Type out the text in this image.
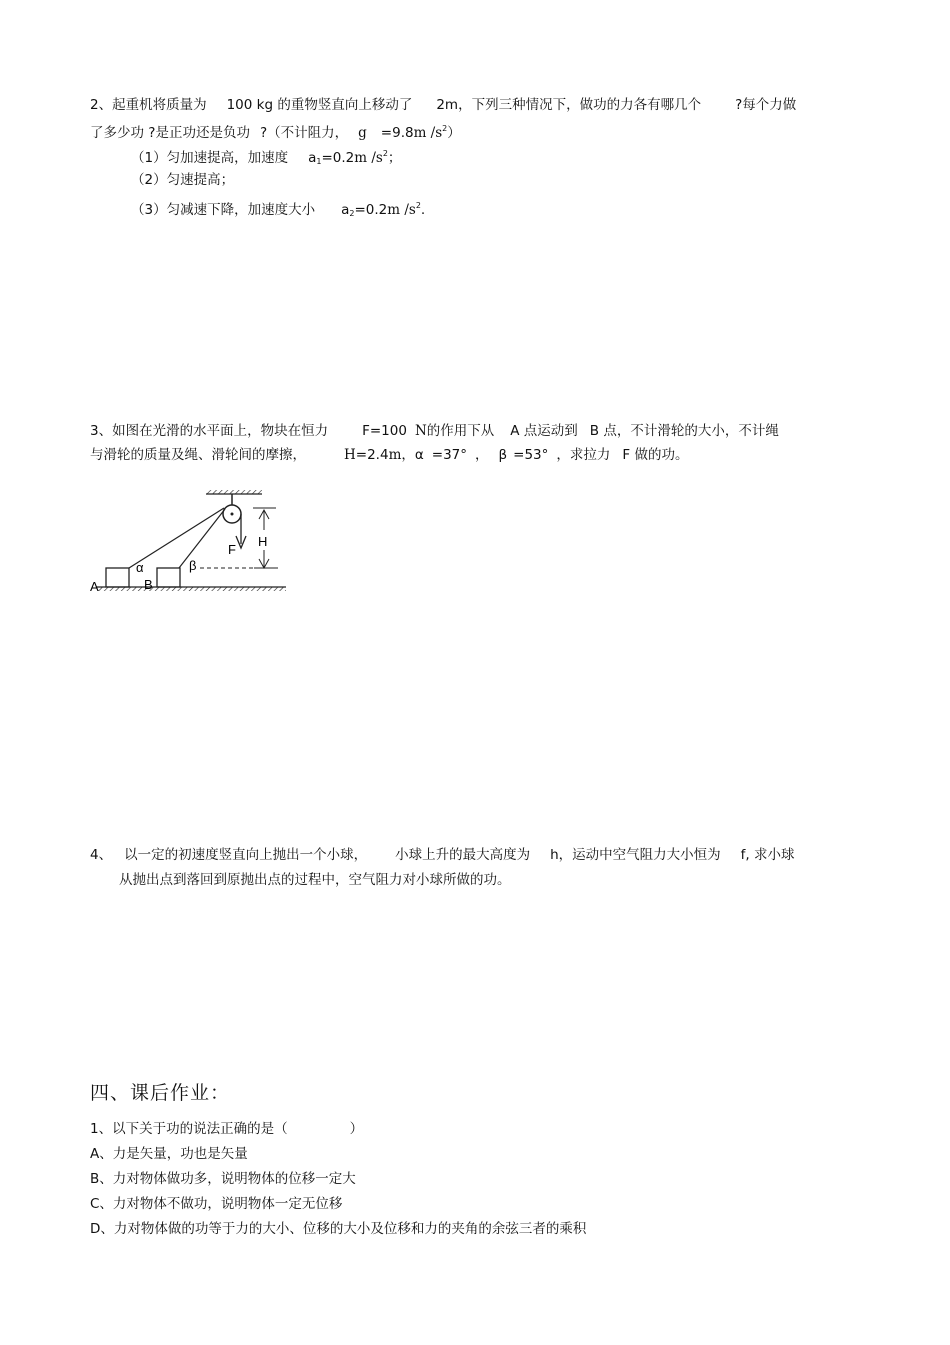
2、起重机将质量为 100 kg 的重物竖直向上移动了 2m，下列三种情况下，做功的力各有哪几个	?每个力做
了多少功 ?是正功还是负功 ?（不计阻力， g =9.8m $/s^2$）
（1）匀加速提高，加速度 $a_1=0.2m$ $/s^2$；
（2）匀速提高；
（3）匀减速下降，加速度大小 $a_2=0.2m$ $/s^2$.
3、如图在光滑的水平面上，物块在恒力	F=100 N的作用下从 A 点运动到 B 点，不计滑轮的大小，不计绳
与滑轮的质量及绳、滑轮间的摩擦，	H=2.4m，α =37° ， β =53° ，求拉力 F 做的功。
F
H
α	β
A	B
4、 以一定的初速度竖直向上抛出一个小球， 小球上升的最大高度为 h，运动中空气阻力大小恒为 f, 求小球
从抛出点到落回到原抛出点的过程中，空气阻力对小球所做的功。
四、课后作业：
1、以下关于功的说法正确的是（	）
A、力是矢量，功也是矢量
B、力对物体做功多，说明物体的位移一定大
C、力对物体不做功，说明物体一定无位移
D、力对物体做的功等于力的大小、位移的大小及位移和力的夹角的余弦三者的乘积
